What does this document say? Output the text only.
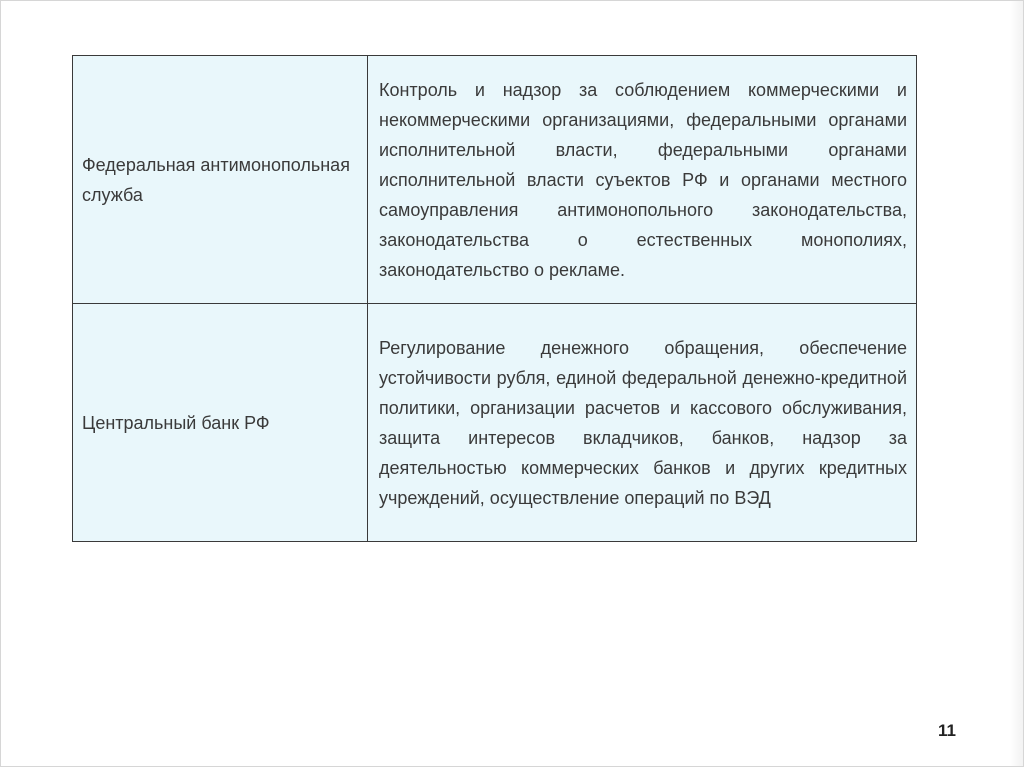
Федеральная антимонопольная служба	Контроль и надзор за соблюдением коммерческими и некоммерческими организациями, федеральными органами исполнительной власти, федеральными органами исполнительной власти суъектов РФ и органами местного самоуправления антимонопольного законодательства, законодательства о естественных монополиях, законодательство о рекламе.
Центральный банк РФ	Регулирование денежного обращения, обеспечение устойчивости рубля, единой федеральной денежно-кредитной политики, организации расчетов и кассового обслуживания, защита интересов вкладчиков, банков, надзор за деятельностью коммерческих банков и других кредитных учреждений, осуществление операций по ВЭД
11
